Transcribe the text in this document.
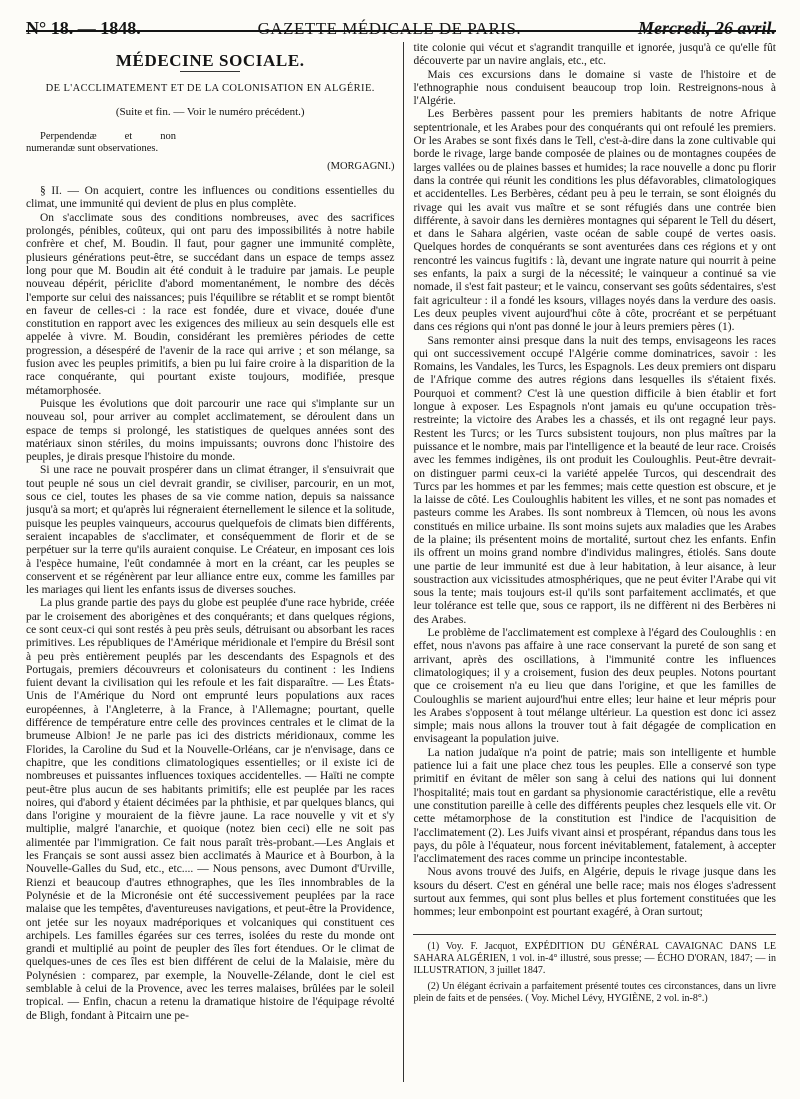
N° 18. — 1848.	GAZETTE MÉDICALE DE PARIS.	Mercredi, 26 avril.
MÉDECINE SOCIALE.
DE L'ACCLIMATEMENT ET DE LA COLONISATION EN ALGÉRIE.
(Suite et fin. — Voir le numéro précédent.)

Perpendendæ et non numerandæ sunt observationes.

(MORGAGNI.)

§ II. — On acquiert, contre les influences ou conditions essentielles du climat, une immunité qui devient de plus en plus complète.

On s'acclimate sous des conditions nombreuses, avec des sacrifices prolongés, pénibles, coûteux, qui ont paru des impossibilités à notre habile confrère et chef, M. Boudin. Il faut, pour gagner une immunité complète, plusieurs générations peut-être, se succédant dans un espace de temps assez long pour que M. Boudin ait été conduit à le traduire par jamais. Le peuple nouveau dépérit, périclite d'abord momentanément, le nombre des décès l'emporte sur celui des naissances; puis l'équilibre se rétablit et se rompt bientôt en faveur de celles-ci : la race est fondée, dure et vivace, douée d'une constitution en rapport avec les exigences des milieux au sein desquels elle est appelée à vivre. M. Boudin, considérant les premières périodes de cette progression, a désespéré de l'avenir de la race qui arrive ; et son mélange, sa fusion avec les peuples primitifs, a bien pu lui faire croire à la disparition de la race conquérante, qui pourtant existe toujours, modifiée, presque métamorphosée.

Puisque les évolutions que doit parcourir une race qui s'implante sur un nouveau sol, pour arriver au complet acclimatement, se déroulent dans un espace de temps si prolongé, les statistiques de quelques années sont des matériaux sinon stériles, du moins impuissants; ouvrons donc l'histoire des peuples, je dirais presque l'histoire du monde.

Si une race ne pouvait prospérer dans un climat étranger, il s'ensuivrait que tout peuple né sous un ciel devrait grandir, se civiliser, parcourir, en un mot, sous ce ciel, toutes les phases de sa vie comme nation, depuis sa naissance jusqu'à sa mort; et qu'après lui régneraient éternellement le silence et la solitude, puisque les peuples vainqueurs, accourus quelquefois de climats bien différents, seraient incapables de s'acclimater, et conséquemment de florir et de se perpétuer sur la terre qu'ils auraient conquise. Le Créateur, en imposant ces lois à l'espèce humaine, l'eût condamnée à mort en la créant, car les peuples se conservent et se régénèrent par leur alliance entre eux, comme les familles par les mariages qui lient les enfants issus de diverses souches.

La plus grande partie des pays du globe est peuplée d'une race hybride, créée par le croisement des aborigènes et des conquérants; et dans quelques régions, ce sont ceux-ci qui sont restés à peu près seuls, détruisant ou absorbant les races primitives. Les républiques de l'Amérique méridionale et l'empire du Brésil sont à peu près entièrement peuplés par les descendants des Espagnols et des Portugais, premiers découvreurs et colonisateurs du continent : les Indiens fuient devant la civilisation qui les refoule et les fait disparaître. — Les États-Unis de l'Amérique du Nord ont emprunté leurs populations aux races européennes, à l'Angleterre, à la France, à l'Allemagne; pourtant, quelle différence de température entre celle des provinces centrales et le climat de la brumeuse Albion! Je ne parle pas ici des districts méridionaux, comme les Florides, la Caroline du Sud et la Nouvelle-Orléans, car je n'envisage, dans ce chapitre, que les conditions climatologiques essentielles; or il existe ici de nombreuses et puissantes influences toxiques accidentelles. — Haïti ne compte peut-être plus aucun de ses habitants primitifs; elle est peuplée par les races noires, qui d'abord y étaient décimées par la phthisie, et par quelques blancs, qui dans l'origine y mouraient de la fièvre jaune. La race nouvelle y vit et s'y multiplie, malgré l'anarchie, et quoique (notez bien ceci) elle ne soit pas alimentée par l'immigration. Ce fait nous paraît très-probant.—Les Anglais et les Français se sont aussi assez bien acclimatés à Maurice et à Bourbon, à la Nouvelle-Galles du Sud, etc., etc.... — Nous pensons, avec Dumont d'Urville, Rienzi et beaucoup d'autres ethnographes, que les îles innombrables de la Polynésie et de la Micronésie ont été successivement peuplées par la race malaise que les tempêtes, d'aventureuses navigations, et peut-être la Providence, ont jetée sur les noyaux madréporiques et volcaniques qui constituent ces archipels. Les familles égarées sur ces terres, isolées du reste du monde ont grandi et multiplié au point de peupler des îles fort étendues. Or le climat de quelques-unes de ces îles est bien différent de celui de la Malaisie, mère du Polynésien : comparez, par exemple, la Nouvelle-Zélande, dont le ciel est semblable à celui de la Provence, avec les terres malaises, brûlées par le soleil tropical. — Enfin, chacun a retenu la dramatique histoire de l'équipage révolté de Bligh, fondant à Pitcairn une pe-

tite colonie qui vécut et s'agrandit tranquille et ignorée, jusqu'à ce qu'elle fût découverte par un navire anglais, etc., etc.

Mais ces excursions dans le domaine si vaste de l'histoire et de l'ethnographie nous conduisent beaucoup trop loin. Restreignons-nous à l'Algérie.

Les Berbères passent pour les premiers habitants de notre Afrique septentrionale, et les Arabes pour des conquérants qui ont refoulé les premiers. Or les Arabes se sont fixés dans le Tell, c'est-à-dire dans la zone cultivable qui borde le rivage, large bande composée de plaines ou de montagnes coupées de larges vallées ou de plaines basses et humides; la race nouvelle a donc pu florir dans la contrée qui réunit les conditions les plus défavorables, climatologiques et accidentelles. Les Berbères, cédant peu à peu le terrain, se sont éloignés du rivage qui les avait vus maître et se sont réfugiés dans une contrée bien différente, à savoir dans les dernières montagnes qui séparent le Tell du désert, et dans le Sahara algérien, vaste océan de sable coupé de vertes oasis. Quelques hordes de conquérants se sont aventurées dans ces régions et y ont rencontré les vaincus fugitifs : là, devant une ingrate nature qui nourrit à peine ses enfants, la paix a surgi de la nécessité; le vainqueur a continué sa vie nomade, il s'est fait pasteur; et le vaincu, conservant ses goûts sédentaires, s'est fait agriculteur : il a fondé les ksours, villages noyés dans la verdure des oasis. Les deux peuples vivent aujourd'hui côte à côte, procréant et se perpétuant dans ces régions qui n'ont pas donné le jour à leurs premiers pères (1).

Sans remonter ainsi presque dans la nuit des temps, envisageons les races qui ont successivement occupé l'Algérie comme dominatrices, savoir : les Romains, les Vandales, les Turcs, les Espagnols. Les deux premiers ont disparu de l'Afrique comme des autres régions dans lesquelles ils s'étaient fixés. Pourquoi et comment? C'est là une question difficile à bien établir et fort longue à exposer. Les Espagnols n'ont jamais eu qu'une occupation très-restreinte; la victoire des Arabes les a chassés, et ils ont regagné leur pays. Restent les Turcs; or les Turcs subsistent toujours, non plus maîtres par la puissance et le nombre, mais par l'intelligence et la beauté de leur race. Croisés avec les femmes indigènes, ils ont produit les Couloughlis. Peut-être devrait-on distinguer parmi ceux-ci la variété appelée Turcos, qui descendrait des Turcs par les hommes et par les femmes; mais cette question est obscure, et je la laisse de côté. Les Couloughlis habitent les villes, et ne sont pas nomades et pasteurs comme les Arabes. Ils sont nombreux à Tlemcen, où nous les avons constitués en milice urbaine. Ils sont moins sujets aux maladies que les Arabes de la plaine; ils présentent moins de mortalité, surtout chez les enfants. Enfin ils offrent un moins grand nombre d'individus malingres, étiolés. Sans doute une partie de leur immunité est due à leur habitation, à leur aisance, à leur soustraction aux vicissitudes atmosphériques, que ne peut éviter l'Arabe qui vit sous la tente; mais toujours est-il qu'ils sont parfaitement acclimatés, et que leur tolérance est telle que, sous ce rapport, ils ne diffèrent ni des Berbères ni des Arabes.

Le problème de l'acclimatement est complexe à l'égard des Couloughlis : en effet, nous n'avons pas affaire à une race conservant la pureté de son sang et arrivant, après des oscillations, à l'immunité contre les influences climatologiques; il y a croisement, fusion des deux peuples. Notons pourtant que ce croisement n'a eu lieu que dans l'origine, et que les familles de Couloughlis se marient aujourd'hui entre elles; leur haine et leur mépris pour les Arabes s'opposent à tout mélange ultérieur. La question est donc ici assez simple; mais nous allons la trouver tout à fait dégagée de complication en envisageant la population juive.

La nation judaïque n'a point de patrie; mais son intelligente et humble patience lui a fait une place chez tous les peuples. Elle a conservé son type primitif en évitant de mêler son sang à celui des nations qui lui donnent l'hospitalité; mais tout en gardant sa physionomie caractéristique, elle a revêtu une constitution pareille à celle des différents peuples chez lesquels elle vit. Or cette métamorphose de la constitution est l'indice de l'acquisition de l'acclimatement (2). Les Juifs vivant ainsi et prospérant, répandus dans tous les pays, du pôle à l'équateur, nous forcent inévitablement, fatalement, à accepter l'acclimatement des races comme un principe incontestable.

Nous avons trouvé des Juifs, en Algérie, depuis le rivage jusque dans les ksours du désert. C'est en général une belle race; mais nos éloges s'adressent surtout aux femmes, qui sont plus belles et plus fortement constituées que les hommes; leur embonpoint est pourtant exagéré, à Oran surtout;

(1) Voy. F. Jacquot, EXPÉDITION DU GÉNÉRAL CAVAIGNAC DANS LE SAHARA ALGÉRIEN, 1 vol. in-4° illustré, sous presse; — ÉCHO D'ORAN, 1847; — in ILLUSTRATION, 3 juillet 1847.

(2) Un élégant écrivain a parfaitement présenté toutes ces circonstances, dans un livre plein de faits et de pensées. ( Voy. Michel Lévy, HYGIÈNE, 2 vol. in-8°.)
